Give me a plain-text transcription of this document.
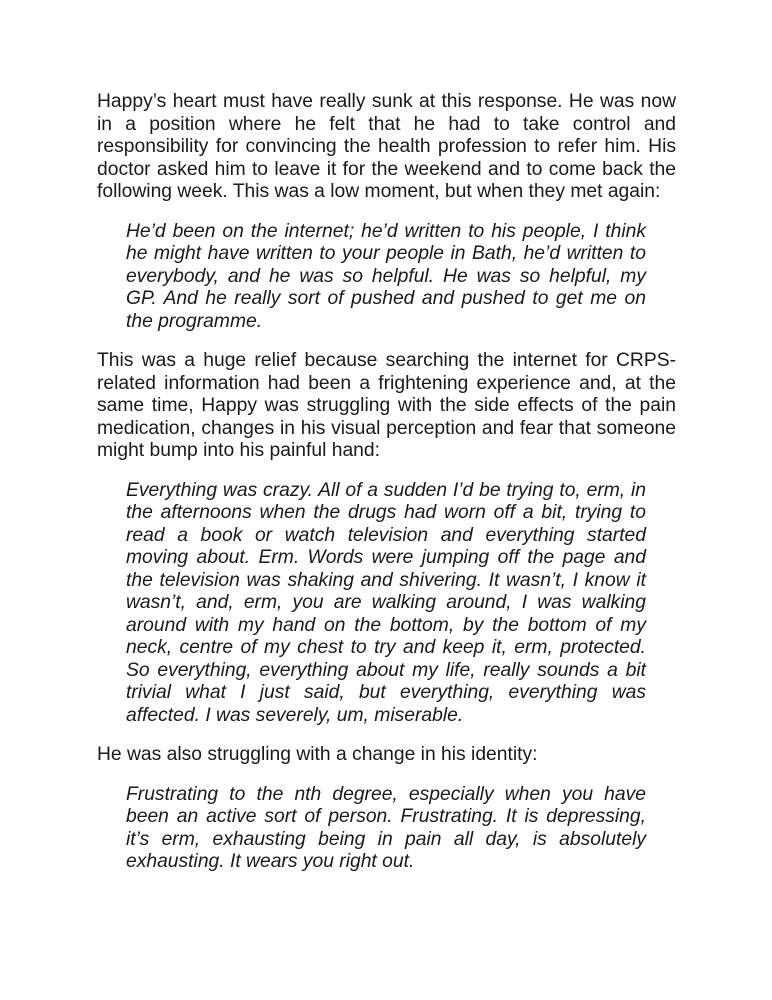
Happy’s heart must have really sunk at this response. He was now in a position where he felt that he had to take control and responsibility for convincing the health profession to refer him. His doctor asked him to leave it for the weekend and to come back the following week. This was a low moment, but when they met again:

He’d been on the internet; he’d written to his people, I think he might have written to your people in Bath, he’d written to everybody, and he was so helpful. He was so helpful, my GP. And he really sort of pushed and pushed to get me on the programme.

This was a huge relief because searching the internet for CRPS-related information had been a frightening experience and, at the same time, Happy was struggling with the side effects of the pain medication, changes in his visual perception and fear that someone might bump into his painful hand:

Everything was crazy. All of a sudden I’d be trying to, erm, in the afternoons when the drugs had worn off a bit, trying to read a book or watch television and everything started moving about. Erm. Words were jumping off the page and the television was shaking and shivering. It wasn’t, I know it wasn’t, and, erm, you are walking around, I was walking around with my hand on the bottom, by the bottom of my neck, centre of my chest to try and keep it, erm, protected. So everything, everything about my life, really sounds a bit trivial what I just said, but everything, everything was affected. I was severely, um, miserable.

He was also struggling with a change in his identity:

Frustrating to the nth degree, especially when you have been an active sort of person. Frustrating. It is depressing, it’s erm, exhausting being in pain all day, is absolutely exhausting. It wears you right out.
